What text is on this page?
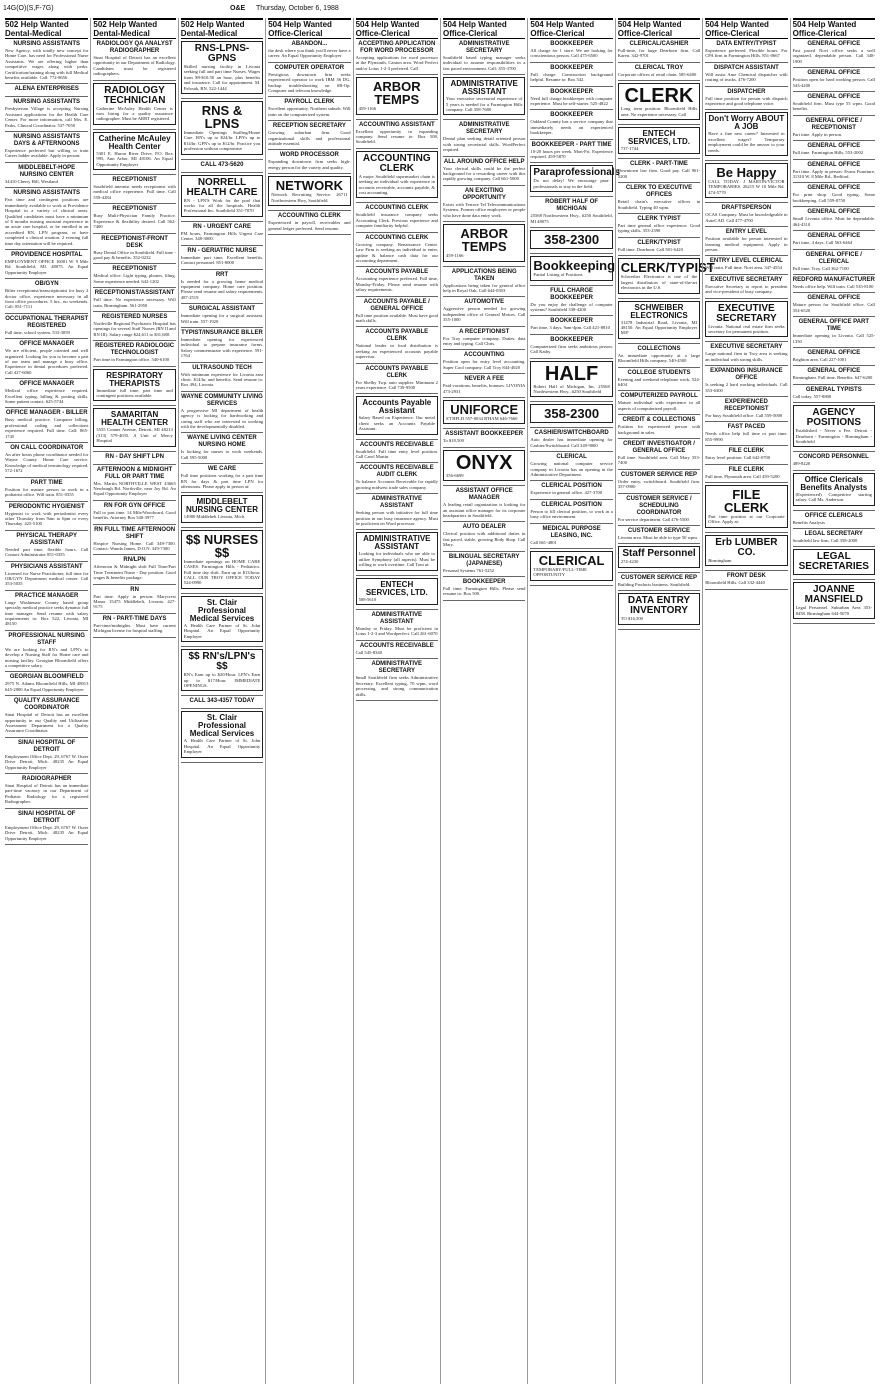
14G(O)(S,F-7G)	O&E Thursday, October 6, 1988
502 Help Wanted
Dental-Medical
NURSING ASSISTANTS
New Agency, with totally new concept for Home Care, has need for Professional Nurse Assistants. We are offering higher than competitive wages along with perks. Certification/training along with full Medical benefits available. Call: 772-8656
ALENA ENTERPRISES
NURSING ASSISTANTS
Presbyterian Village is accepting Nursing Assistant applications for the Health Care Center. For more information, call Mrs. E. Parks, Clinical Coordinator. 537-7050
NURSING ASSISTANTS DAYS & AFTERNOONS
Experience preferred but willing to train Career ladder available. Apply in person:
MIDDLEBELT-HOPE NURSING CENTER
34410 Cherry Hill, Westland
NURSING ASSISTANTS
Part time and contingent positions are immediately available to work at Providence Hospital in a variety of clinical areas. Qualified candidates must have a minimum of 6 months nursing assistant experience in an acute care hospital, or be enrolled in an accredited RN, LPN program, or have completed a clinical rotation. 2 evening full time day orientation will be required.
PROVIDENCE HOSPITAL
EMPLOYMENT OFFICE 16001 W. 9 Mile Rd. Southfield, MI. 48075. An Equal Opportunity Employer
OB/GYN
Bilier receptionist/transcriptionist for busy 2 doctor office, experience necessary in all front office procedures. 5 hrs., no weekends. Call: 851-7111
OCCUPATIONAL THERAPIST REGISTERED
Full time, school system. 533-3059
OFFICE MANAGER
We are efficient, people oriented and well organized. Looking for you to become a part of our team and manage a busy office. Experience in dental procedures preferred. Call 427-6060
OFFICE MANAGER
Medical office experience required. Excellent typing, billing & posting skills. Some patient contact. 625-5744
OFFICE MANAGER - BILLER
Busy medical practice. Computer billing, professional coding and collections experience required. Full time. Call: 865-1745
ON CALL COORDINATOR
An after hours phone coordinator needed for Wayne County Home Care service. Knowledge of medical terminology required. 572-1672
PART TIME
Position for mature person to work in a podiatrist office. Will train. 851-0355
PERIODONTIC HYGIENIST
Hygienist to work with periodontist every other Thursday from 9am to 6pm or every Thursday. 425-5100
PHYSICAL THERAPY ASSISTANT
Needed part time, flexible hours. Call Contact Administrator 851-0355
PHYSICIANS ASSISTANT
Licensed for Nurse Practitioner, full time for OB/GYN Department medical center. Call 353-5035
PRACTICE MANAGER
Large Washtenaw County based group specialty medical practice seeks dynamic full time manager. Send resume with salary requirements to: Box 522, Livonia, MI 48150
PROFESSIONAL NURSING STAFF
We are looking for RN's and LPN's to develop a Nursing Staff for Home care and nursing facility. Georgian Bloomfield offers a competitive salary.
GEORGIAN BLOOMFIELD
2975 N. Adams Bloomfield Hills, MI 48013 645-2900 An Equal Opportunity Employer
QUALITY ASSURANCE COORDINATOR
Sinai Hospital of Detroit has an excellent opportunity in our Quality and Utilization Assessment Department for a Quality Assurance Coordinator.
SINAI HOSPITAL OF DETROIT
Employment Office Dept. 29, 6767 W. Outer Drive Detroit, Mich. 48235 An Equal Opportunity Employer
RADIOGRAPHER
Sinai Hospital of Detroit has an immediate part-time vacancy in our Department of Pediatric Radiology for a registered Radiographer.
SINAI HOSPITAL OF DETROIT
Employment Office Dept. 29, 6767 W. Outer Drive Detroit, Mich. 48235 An Equal Opportunity Employer
502 Help Wanted
Dental-Medical
RADIOLOGY QA ANALYST RADIOGRAPHER
Sinai Hospital of Detroit has an excellent opportunity in our Department of Radiology. Candidates must be registered radiographers.
RADIOLOGY TECHNICIAN
Catherine McAuley Health Center is now hiring for a quality assurance radiographer. Must be ARRT registered.
Catherine McAuley Health Center
5301 E. Huron River Drive, P.O. Box 995, Ann Arbor, MI 48106. An Equal Opportunity Employer
RECEPTIONIST
Southfield internist needs receptionist with medical office experience. Full time. Call 559-4284
RECEPTIONIST
Busy Multi-Physician Family Practice. Experience & flexibility desired. Call 562-7400
RECEPTIONIST-FRONT DESK
Busy Dental Office in Southfield. Full time - good pay & benefits. 352-0232
RECEPTIONIST
Medical office. Light typing, phones, filing. Some experience needed. 642-1202
RECEPTIONIST/ASSISTANT
Full time. No experience necessary. Will train. Birmingham. 561-2950
REGISTERED NURSES
Northville Regional Psychiatric Hospital has openings for several Staff Nurses (RN II and RN III). Salary range $24,611 to $31,680.
REGISTERED RADIOLOGIC TECHNOLOGIST
Part time in Farmington office. 540-6100
RESPIRATORY THERAPISTS
Immediate full time, part time and contingent positions available.
SAMARITAN HEALTH CENTER
5555 Conner Avenue, Detroit, MI 48213 (313) 579-4035. A Unit of Mercy Hospital
RN - DAY SHIFT LPN
AFTERNOON & MIDNIGHT FULL OR PART TIME
Mrs. Martin NORTHVILLE WEST 43665 Newburgh Rd. Northville, near Joy Rd. An Equal Opportunity Employer
RN FOR GYN OFFICE
Full or part time. 14 Mile/Woodward, Good benefits. Attorney Box 540-3977
RN FULL TIME AFTERNOON SHIFT
Hospice Nursing Home. Call 349-7300. Contact: Wanda James, D.O.N. 349-7300
RN/LPN
Afternoon & Midnight shift Full Time/Part Time Treatment Nurse - Day position. Good wages & benefits package.
RN
Part time. Apply in person: Marycrest Manor 15475 Middlebelt, Livonia. 427-9175
RN - PART-TIME DAYS
Part-time/midnights. Must have current Michigan license for hospital staffing.
502 Help Wanted
Dental-Medical
RNS-LPNS-GPNS
Skilled nursing facility in Livonia seeking full and part time Nurses. Wages from $9-$10.50 an hour, plus benefits and insurance. Call for appointment. M. Felosak, RN. 522-1444
RNS & LPNS
Immediate Openings Staffing/Home Care. RN's up to $24/hr. LPN's up to $14/hr. GPN's up to $12/hr. Practice you profession without compromise
CALL 473-5620
NORRELL HEALTH CARE
RN - LPN'S Work for the pool that works for all the hospitals. Health Professional Inc. Southfield 351-7070
RN - URGENT CARE
PM hours, Farmington Hills Urgent Care Center. 348-3000.
RN - GERIATRIC NURSE
Immediate part time. Excellent benefits. Contact personnel. 851-8000
RRT
Is needed for a growing home medical equipment company. Home care position. Please send resume and salary requirements. 487-2519
SURGICAL ASSISTANT
Immediate opening for a surgical assistant. Will train. 557-1920
TYPIST/INSURANCE BILLER
Immediate opening for experienced individual to prepare insurance forms. Salary commensurate with experience. 591-1764
ULTRASOUND TECH
With minimum experience for Livonia area clinic. $14/hr, and benefits. Send resume to: Box 494, Livonia.
WAYNE COMMUNITY LIVING SERVICES
A progressive MI department of health agency is looking for hardworking and caring staff who are interested in working with the developmentally disabled.
WAYNE LIVING CENTER NURSING HOME
Is looking for nurses to work weekends. Call 595-5000
WE CARE
Full time positions working for a part time RN for days & part time LPN for afternoons. Please apply in person at:
MIDDLEBELT NURSING CENTER
14900 Middlebelt Livonia, Mich.
$$ NURSES $$
Immediate openings on HOME CARE CASES. Farmington Hills - Pediatrics. Full time day shift. Earn up to $13/hour. CALL OUR TROY OFFICE TODAY 524-0990
St. Clair Professional Medical Services
A Health Care Partner of St. John Hospital. An Equal Opportunity Employer
$$ RN's/LPN's $$
RN's Earn up to $20/Hour. LPN's Earn up to $17/Hour. IMMEDIATE OPENINGS.
CALL 343-4357 TODAY
St. Clair Professional Medical Services
A Health Care Partner of St. John Hospital. An Equal Opportunity Employer
504 Help Wanted
Office-Clerical
ABANDON...
the desk where you think you'll never have a career. An Equal Opportunity Employer
COMPUTER OPERATOR
Prestigious downtown firm seeks experienced operator to work IBM 36 DG, backup troubleshooting on SB-Op. Computer and telecom knowledge.
PAYROLL CLERK
Excellent opportunity. Northern suburb. Will train on the computerized system.
RECEPTION SECRETARY
Growing suburban firm. Good organizational skills and professional attitude essential.
WORD PROCESSOR
Expanding downtown firm seeks high-energy person for the variety and quality.
NETWORK
Network Recruiting Service. 26711 Northwestern Hwy, Southfield.
ACCOUNTING CLERK
Experienced in payroll, receivables and general ledger preferred. Send resume.
504 Help Wanted
Office-Clerical
ACCEPTING APPLICATION FOR WORD PROCESSOR
Accepting applications for word processor in the Plymouth, Canton area. Word Perfect and/or Lotus 1-2-3 preferred. Call
ARBOR TEMPS
459-1166
ACCOUNTING ASSISTANT
Excellent opportunity in expanding company. Send resume to: Box 508, Southfield.
ACCOUNTING CLERK
A major Southfield supermarket chain is seeking an individual with experience in accounts receivable, accounts payable, & cost accounting.
ACCOUNTING CLERK
Southfield insurance company seeks Accounting Clerk. Previous experience and computer familiarity helpful.
ACCOUNTING CLERK
Growing company. Renaissance Center. Law Firm is seeking an individual to enter, update & balance cash data for our accounting department.
ACCOUNTS PAYABLE
Accounting experience preferred. Full time, Monday-Friday. Please send resume with salary requirements.
ACCOUNTS PAYABLE / GENERAL OFFICE
Full time position available. Must have good math skills.
ACCOUNTS PAYABLE CLERK
National leader in food distribution is seeking an experienced accounts payable supervisor.
ACCOUNTS PAYABLE CLERK
For Shelby Twp. auto supplier. Minimum 2 years experience. Call 739-9500
Accounts Payable Assistant
Salary Based on Experience. Our metal client seeks an Accounts Payable Assistant.
ACCOUNTS RECEIVABLE
Southfield. Full time entry level position. Call Carol Martin.
ACCOUNTS RECEIVABLE AUDIT CLERK
To balance Accounts Receivable for rapidly growing midwest trade sales company.
ADMINISTRATIVE ASSISTANT
Seeking person with initiative for full time position in our busy insurance agency. Must be proficient on Word processor.
ADMINISTRATIVE ASSISTANT
Looking for individuals who are able to utilize Symphony (all aspects). Must be willing to work overtime. Call Toni at:
ENTECH SERVICES, LTD.
588-5610
ADMINISTRATIVE ASSISTANT
Monday to Friday. Must be proficient in Lotus 1-2-3 and Wordperfect. Call 261-6070
ACCOUNTS RECEIVABLE
Call 545-8340
ADMINISTRATIVE SECRETARY
Small Southfield firm seeks Administrative Secretary. Excellent typing, 70 wpm, word processing, and strong communication skills.
504 Help Wanted
Office-Clerical
ADMINISTRATIVE SECRETARY
Southfield based typing manager seeks individual to assume responsibilities in a fast paced environment. Call: 355-3700
ADMINISTRATIVE ASSISTANT
Your executive secretarial experience of 5 years is needed for a Farmington Hills company. Call 358-7680
ADMINISTRATIVE SECRETARY
Dental plan seeking detail oriented person with strong secretarial skills. WordPerfect required.
ALL AROUND OFFICE HELP
Your clerical skills could be the perfect background for a rewarding career with this rapidly growing company. Call 661-5000
AN EXCITING OPPORTUNITY
Exists with Terrace Tel Telecommunications Systems. Former office employees or people who have done data entry work.
ARBOR TEMPS
459-1166
APPLICATIONS BEING TAKEN
Applications being taken for general office help in Royal Oak. Call 644-0303
AUTOMOTIVE
Aggressive person needed for growing independent office of General Motors. Call 355-1000
A RECEPTIONIST
For Troy computer company. Duties: data entry and typing. Call Chris.
ACCOUNTING
Position open for entry level accounting. Super Cool company. Call Troy 844-4020
NEVER A FEE
Paid vacations, benefits, bonuses. LIVONIA 473-2931
UNIFORCE
S'THFLD 557-0034 B'HAM 646-7660
ASSISTANT BOOKKEEPER
To $18,500
ONYX
356-6699
ASSISTANT OFFICE MANAGER
A leading retail organization is looking for an assistant office manager for its corporate headquarters in Southfield.
AUTO DEALER
Clerical position with additional duties in fast paced, stable, growing Body Shop. Call Mary.
BILINGUAL SECRETARY (JAPANESE)
Personal Systems 761-5252
BOOKKEEPER
Full time, Farmington Hills. Please send resume to: Box 500.
504 Help Wanted
Office-Clerical
BOOKKEEPER
All charge for 1 store. We are looking for conscientious person. Call 475-6500
BOOKKEEPER
Full charge. Construction background helpful. Resume to: Box 542.
BOOKKEEPER
Need full charge bookkeeper with computer experience. Must be self-starter. 525-4822
BOOKKEEPER
Oakland County has a service company that immediately needs an experienced bookkeeper.
BOOKKEEPER - PART TIME
10-20 hours per week. Mon-Fri. Experience required. 459-5870
Paraprofessionals
Do not delay! We encourage para-professionals to stay in the field.
ROBERT HALF OF MICHIGAN
25568 Northwestern Hwy., #250 Southfield, MI 48075
358-2300
Bookkeeping
Partial Listing of Positions
FULL CHARGE BOOKKEEPER
Do you enjoy the challenge of computer systems? Southfield 338-4200
BOOKKEEPER
Part time, 3 days, 9am-4pm. Call 421-8810
BOOKKEEPER
Computerized firm seeks ambitious person. Call Kathy.
HALF
Robert Half of Michigan, Inc. 25568 Northwestern Hwy., #250 Southfield
358-2300
CASHIER/SWITCHBOARD
Auto dealer has immediate opening for Cashier/Switchboard. Call 349-9000
CLERICAL
Growing national computer service company in Livonia has an opening in the Administrative Department.
CLERICAL POSITION
Experience in general office. 427-3700
CLERICAL POSITION
Person to fill clerical position, to work in a busy office environment.
MEDICAL PURPOSE LEASING, INC.
Call 661-4801
CLERICAL
TEMPORARY/FULL-TIME OPPORTUNITY
504 Help Wanted
Office-Clerical
CLERICAL/CASHIER
Full-time, for large Dearborn firm. Call Karen. 342-9701
CLERICAL TROY
Corporate offices of retail chain. 585-6400
CLERK
Long term position. Bloomfield Hills area. No experience necessary. Call
ENTECH SERVICES, LTD.
737-1744
CLERK - PART-TIME
Downtown law firm. Good pay. Call 961-5200
CLERK TO EXECUTIVE OFFICES
Retail chain's executive offices in Southfield. Typing 40 wpm.
CLERK TYPIST
Part time general office experience. Good typing skills. 353-2390
CLERK/TYPIST
Full time. Dearborn. Call 581-6420
CLERK/TYPIST
Schweiber Electronics is one of the largest distributors of state-of-the-art electronics in the U.S.
SCHWEIBER ELECTRONICS
31478 Industrial Road, Livonia, MI 48150. An Equal Opportunity Employer M/F
COLLECTIONS
An immediate opportunity at a large Bloomfield Hills company. 540-4500
COLLEGE STUDENTS
Evening and weekend telephone work. 524-6404
COMPUTERIZED PAYROLL
Mature individual with experience in all aspects of computerized payroll.
CREDIT & COLLECTIONS
Position for experienced person with background in sales.
CREDIT INVESTIGATOR / GENERAL OFFICE
Full time. Southfield area. Call Mary 353-7400
CUSTOMER SERVICE REP
Order entry, switchboard. Southfield firm. 357-0900
CUSTOMER SERVICE / SCHEDULING COORDINATOR
For service department. Call 476-5500
CUSTOMER SERVICE
Livonia area. Must be able to type 50 wpm.
Staff Personnel
274-4230
CUSTOMER SERVICE REP
Building Products business. Southfield.
DATA ENTRY INVENTORY
TO $16,500
504 Help Wanted
Office-Clerical
DATA ENTRY/TYPIST
Experience preferred. Flexible hours. For CPA firm in Farmington Hills. 851-0667
DISPATCH ASSISTANT
Will assist Ame Chemical dispatcher with routing of trucks. 476-7200
DISPATCHER
Full time position for person with dispatch experience and good telephone voice.
Don't Worry ABOUT A JOB
Have a fine new career? Interested in excellent wages? Temporary employment could be the answer to your needs.
Be Happy
CALL TODAY. J MARTIN/VICTOR TEMPORARIES. 26215 W 10 Mile Rd. 474-5770
DRAFTSPERSON
OCAS Company. Must be knowledgeable in AutoCAD. Call 477-4700
ENTRY LEVEL
Position available for person interested in learning medical equipment. Apply in person.
ENTRY LEVEL CLERICAL
Will train. Full time. Novi area. 347-4554
EXECUTIVE SECRETARY
Executive Secretary to report to president and vice-president of busy company.
EXECUTIVE SECRETARY
Livonia. National real estate firm seeks secretary for permanent position.
EXECUTIVE SECRETARY
Large national firm in Troy area is seeking an individual with strong skills.
EXPANDING INSURANCE OFFICE
Is seeking 2 hard working individuals. Call 353-6300
EXPERIENCED RECEPTIONIST
For busy Southfield office. Call 559-5000
FAST PACED
Needs office help full time or part time. 855-9990
FILE CLERK
Entry level position. Call 642-0700
FILE CLERK
Full time, Plymouth area. Call 459-5200
FILE CLERK
Part time position at our Corporate Office. Apply at:
Erb LUMBER CO.
Birmingham
FRONT DESK
Bloomfield Hills. Call 332-4440
504 Help Wanted
Office-Clerical
GENERAL OFFICE
Fast paced Novi office seeks a well organized, dependable person. Call 348-1900
GENERAL OFFICE
Position open for hard working person. Call 543-4200
GENERAL OFFICE
Southfield firm. Must type 55 wpm. Good benefits.
GENERAL OFFICE / RECEPTIONIST
Part time. Apply in person.
GENERAL OFFICE
Full time. Farmington Hills. 553-2002
GENERAL OFFICE
Part time. Apply in person: Evans Furniture, 31310 W. 8 Mile Rd., Redford.
GENERAL OFFICE
For print shop. Good typing. Some bookkeeping. Call 559-0750
GENERAL OFFICE
Small Livonia office. Must be dependable. 464-4310
GENERAL OFFICE
Part time, 4 days. Call 563-6464
GENERAL OFFICE / CLERICAL
Full time. Troy. Call 362-7100
REDFORD MANUFACTURER
Needs office help. Will train. Call 535-8100
GENERAL OFFICE
Mature person for Southfield office. Call 354-6520
GENERAL OFFICE PART TIME
Immediate opening in Livonia. Call 525-1350
GENERAL OFFICE
Brighton area. Call 227-1001
GENERAL OFFICE
Birmingham. Full time. Benefits. 647-6200
GENERAL TYPISTS
Call today. 557-8800
AGENCY POSITIONS
Established - Never a Fee. Detroit - Dearborn - Farmington - Birmingham - Southfield
CONCORD PERSONNEL
489-8220
Office Clericals Benefits Analysts
(Experienced) Competitive starting salary. Call Ms. Anderson.
OFFICE CLERICALS
Benefits Analysts
LEGAL SECRETARY
Southfield law firm. Call 358-2000
LEGAL SECRETARIES
JOANNE MANSFIELD
Legal Personnel. Suburban Area 353-8458. Birmingham 644-5070
